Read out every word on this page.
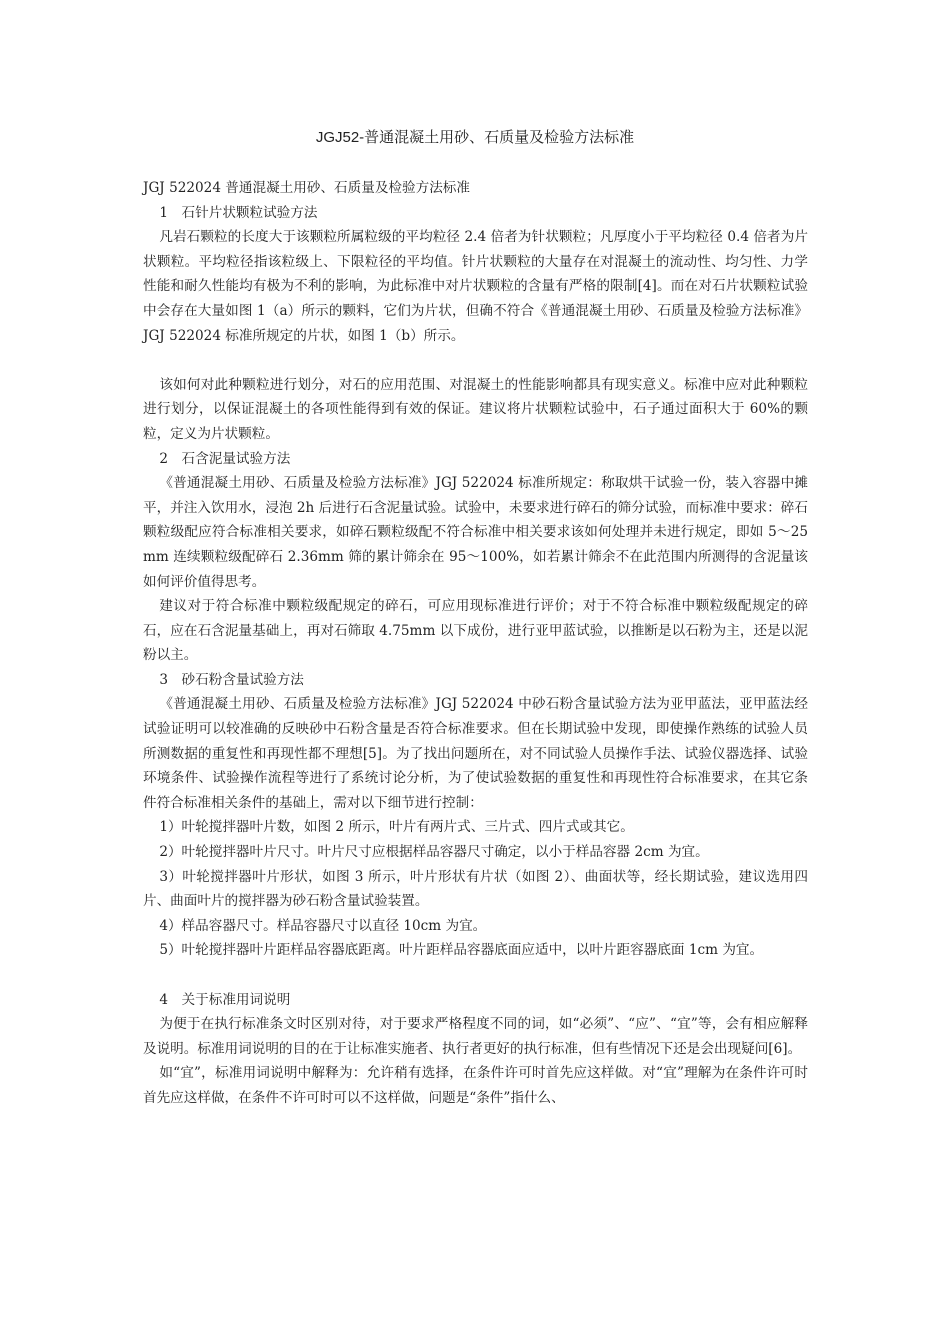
JGJ52-普通混凝土用砂、石质量及检验方法标准

JGJ 522024 普通混凝土用砂、石质量及检验方法标准

1　石针片状颗粒试验方法

凡岩石颗粒的长度大于该颗粒所属粒级的平均粒径 2.4 倍者为针状颗粒；凡厚度小于平均粒径 0.4 倍者为片状颗粒。平均粒径指该粒级上、下限粒径的平均值。针片状颗粒的大量存在对混凝土的流动性、均匀性、力学性能和耐久性能均有极为不利的影响，为此标准中对片状颗粒的含量有严格的限制[4]。而在对石片状颗粒试验中会存在大量如图 1（a）所示的颗料，它们为片状，但确不符合《普通混凝土用砂、石质量及检验方法标准》JGJ 522024 标准所规定的片状，如图 1（b）所示。

该如何对此种颗粒进行划分，对石的应用范围、对混凝土的性能影响都具有现实意义。标准中应对此种颗粒进行划分，以保证混凝土的各项性能得到有效的保证。建议将片状颗粒试验中，石子通过面积大于 60%的颗粒，定义为片状颗粒。

2　石含泥量试验方法

《普通混凝土用砂、石质量及检验方法标准》JGJ 522024 标准所规定：称取烘干试验一份，装入容器中摊平，并注入饮用水，浸泡 2h 后进行石含泥量试验。试验中，未要求进行碎石的筛分试验，而标准中要求：碎石颗粒级配应符合标准相关要求，如碎石颗粒级配不符合标准中相关要求该如何处理并未进行规定，即如 5～25mm 连续颗粒级配碎石 2.36mm 筛的累计筛余在 95～100%，如若累计筛余不在此范围内所测得的含泥量该如何评价值得思考。

建议对于符合标准中颗粒级配规定的碎石，可应用现标准进行评价；对于不符合标准中颗粒级配规定的碎石，应在石含泥量基础上，再对石筛取 4.75mm 以下成份，进行亚甲蓝试验，以推断是以石粉为主，还是以泥粉以主。

3　砂石粉含量试验方法

《普通混凝土用砂、石质量及检验方法标准》JGJ 522024 中砂石粉含量试验方法为亚甲蓝法，亚甲蓝法经试验证明可以较准确的反映砂中石粉含量是否符合标准要求。但在长期试验中发现，即使操作熟练的试验人员所测数据的重复性和再现性都不理想[5]。为了找出问题所在，对不同试验人员操作手法、试验仪器选择、试验环境条件、试验操作流程等进行了系统讨论分析，为了使试验数据的重复性和再现性符合标准要求，在其它条件符合标准相关条件的基础上，需对以下细节进行控制：

1）叶轮搅拌器叶片数，如图 2 所示，叶片有两片式、三片式、四片式或其它。

2）叶轮搅拌器叶片尺寸。叶片尺寸应根据样品容器尺寸确定，以小于样品容器 2cm 为宜。

3）叶轮搅拌器叶片形状，如图 3 所示，叶片形状有片状（如图 2）、曲面状等，经长期试验，建议选用四片、曲面叶片的搅拌器为砂石粉含量试验装置。

4）样品容器尺寸。样品容器尺寸以直径 10cm 为宜。

5）叶轮搅拌器叶片距样品容器底距离。叶片距样品容器底面应适中，以叶片距容器底面 1cm 为宜。

4　关于标准用词说明

为便于在执行标准条文时区别对待，对于要求严格程度不同的词，如“必须”、“应”、“宜”等，会有相应解释及说明。标准用词说明的目的在于让标准实施者、执行者更好的执行标准，但有些情况下还是会出现疑问[6]。

如“宜”，标准用词说明中解释为：允许稍有选择，在条件许可时首先应这样做。对“宜”理解为在条件许可时首先应这样做，在条件不许可时可以不这样做，问题是“条件”指什么、
